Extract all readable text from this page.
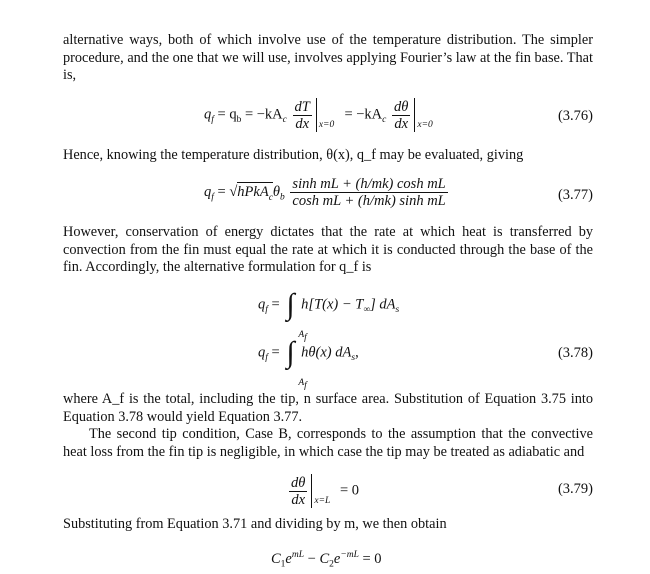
alternative ways, both of which involve use of the temperature distribution. The simpler procedure, and the one that we will use, involves applying Fourier’s law at the fin base. That is,
$q_f = q_b = -kA_c \frac{dT}{dx} x=0$
= $-kA_c \frac{d\theta}{dx} x=0$
(3.76)
Hence, knowing the temperature distribution, θ(x), q_f may be evaluated, giving
$q_f$ = $√hPkA_c\theta_b \frac{\text{sinh mL + (h/mk) cosh mL}}{\text{cosh mL + (h/mk) sinh mL}}$	(3.77)
However, conservation of energy dictates that the rate at which heat is transferred by convection from the fin must equal the rate at which it is conducted through the base of the fin. Accordingly, the alternative formulation for q_f is
$q_f$ = ∫
$A_f$
$h[T(x) - T_\infty]$ $dA_s$
$q_f$ = ∫
$A_f$
hθ(x) $dA_s$,	(3.78)
where A_f is the total, including the tip, n surface area. Substitution of Equation 3.75 into Equation 3.78 would yield Equation 3.77.
The second tip condition, Case B, corresponds to the assumption that the convective heat loss from the fin tip is negligible, in which case the tip may be treated as adiabatic and
$\frac{d\theta}{dx} x=L$
= 0	(3.79)
Substituting from Equation 3.71 and dividing by m, we then obtain
$C_1e^{mL} - C_2e^{-mL} = 0$
